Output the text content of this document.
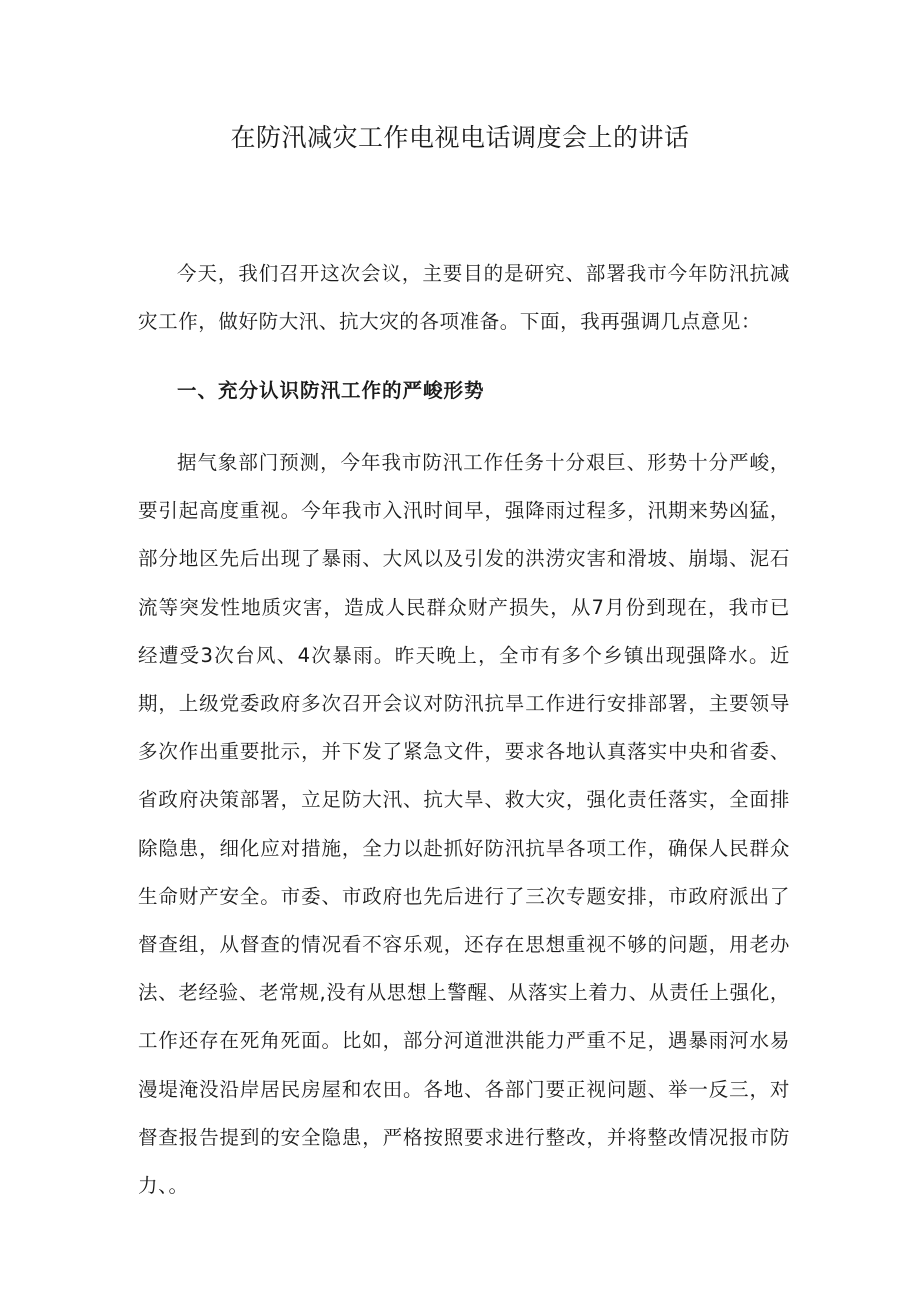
在防汛减灾工作电视电话调度会上的讲话

今天，我们召开这次会议，主要目的是研究、部署我市今年防汛抗减灾工作，做好防大汛、抗大灾的各项准备。下面，我再强调几点意见：

一、充分认识防汛工作的严峻形势

据气象部门预测，今年我市防汛工作任务十分艰巨、形势十分严峻，要引起高度重视。今年我市入汛时间早，强降雨过程多，汛期来势凶猛，部分地区先后出现了暴雨、大风以及引发的洪涝灾害和滑坡、崩塌、泥石流等突发性地质灾害，造成人民群众财产损失，从7月份到现在，我市已经遭受3次台风、4次暴雨。昨天晚上，全市有多个乡镇出现强降水。近期，上级党委政府多次召开会议对防汛抗旱工作进行安排部署，主要领导多次作出重要批示，并下发了紧急文件，要求各地认真落实中央和省委、省政府决策部署，立足防大汛、抗大旱、救大灾，强化责任落实，全面排除隐患，细化应对措施，全力以赴抓好防汛抗旱各项工作，确保人民群众生命财产安全。市委、市政府也先后进行了三次专题安排，市政府派出了督查组，从督查的情况看不容乐观，还存在思想重视不够的问题，用老办法、老经验、老常规,没有从思想上警醒、从落实上着力、从责任上强化，工作还存在死角死面。比如，部分河道泄洪能力严重不足，遇暴雨河水易漫堤淹没沿岸居民房屋和农田。各地、各部门要正视问题、举一反三，对督查报告提到的安全隐患，严格按照要求进行整改，并将整改情况报市防力、。
